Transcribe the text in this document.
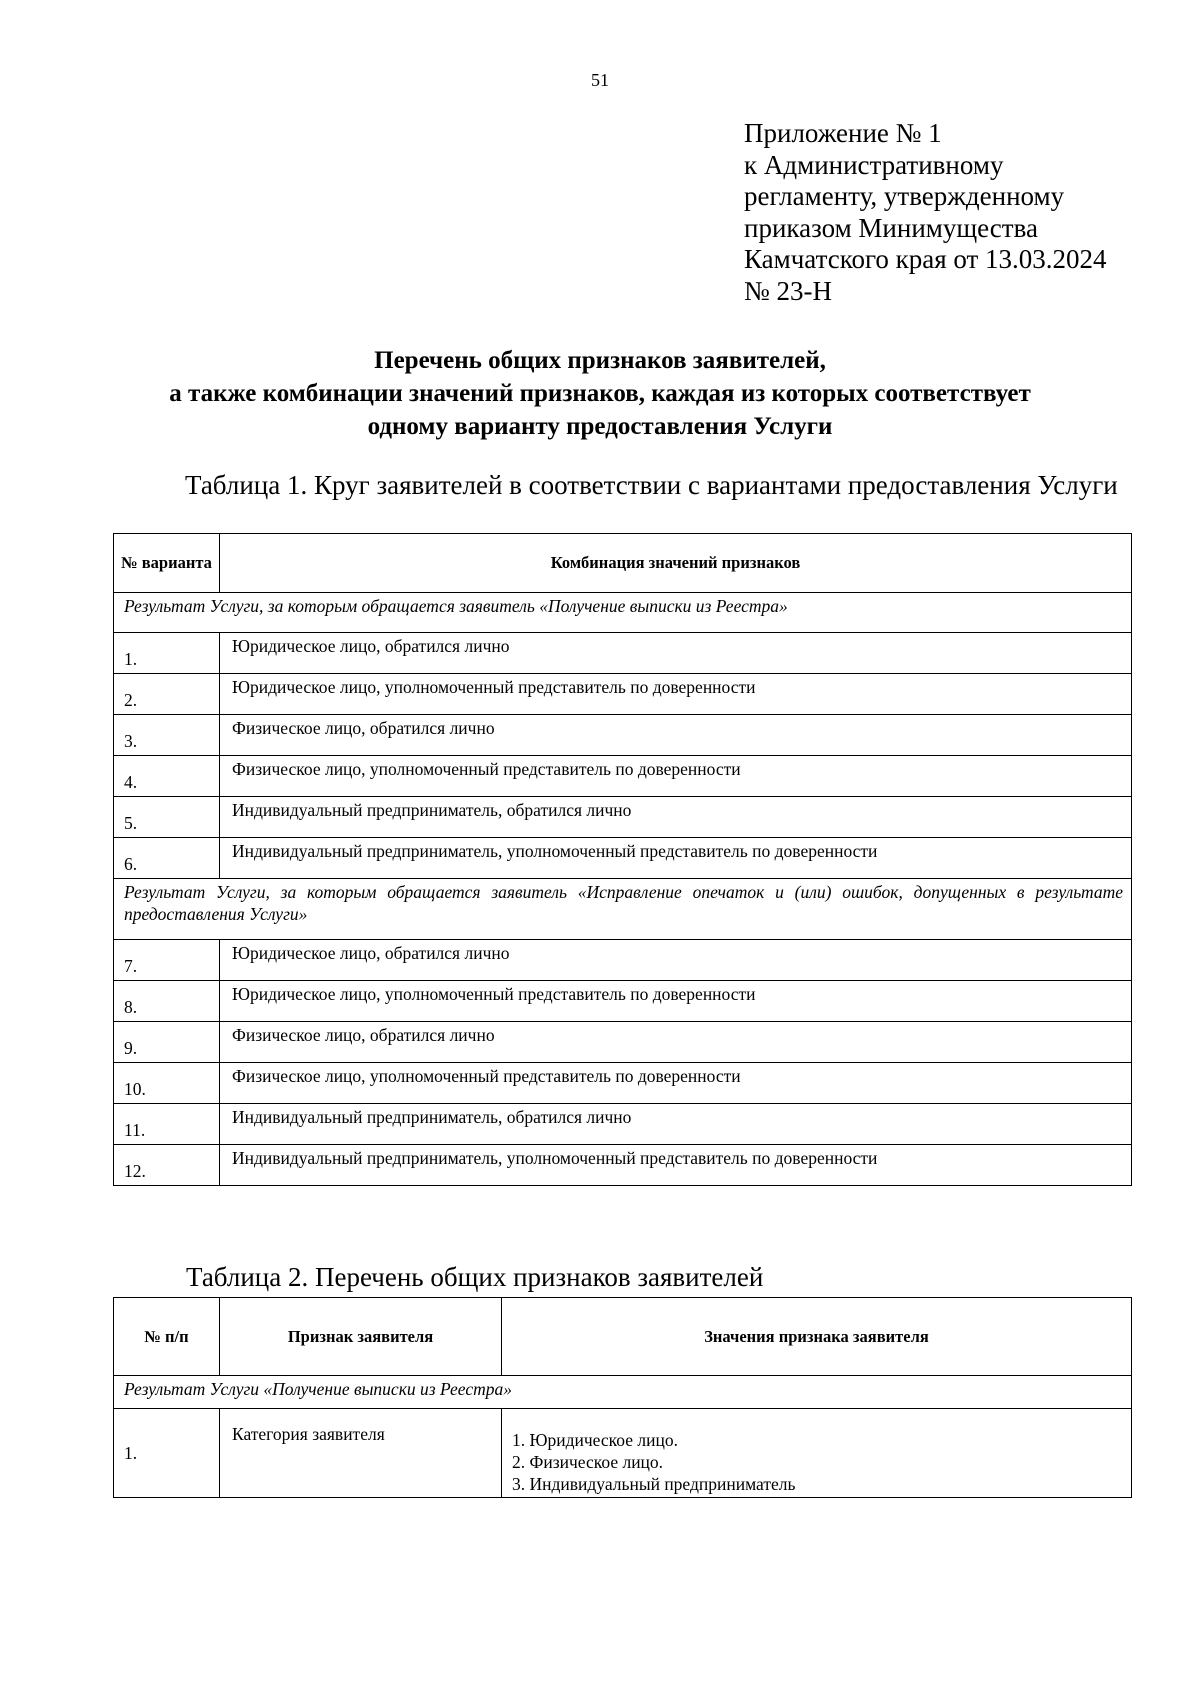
51
Приложение № 1
к Административному
регламенту, утвержденному
приказом Минимущества
Камчатского края от 13.03.2024
№ 23-Н
Перечень общих признаков заявителей,
а также комбинации значений признаков, каждая из которых соответствует
одному варианту предоставления Услуги
Таблица 1. Круг заявителей в соответствии с вариантами предоставления Услуги
№ варианта	Комбинация значений признаков
Результат Услуги, за которым обращается заявитель «Получение выписки из Реестра»	
1.	Юридическое лицо, обратился лично
2.	Юридическое лицо, уполномоченный представитель по доверенности
3.	Физическое лицо, обратился лично
4.	Физическое лицо, уполномоченный представитель по доверенности
5.	Индивидуальный предприниматель, обратился лично
6.	Индивидуальный предприниматель, уполномоченный представитель по доверенности
Результат Услуги, за которым обращается заявитель «Исправление опечаток и (или) ошибок, допущенных в результате предоставления Услуги»	
7.	Юридическое лицо, обратился лично
8.	Юридическое лицо, уполномоченный представитель по доверенности
9.	Физическое лицо, обратился лично
10.	Физическое лицо, уполномоченный представитель по доверенности
11.	Индивидуальный предприниматель, обратился лично
12.	Индивидуальный предприниматель, уполномоченный представитель по доверенности
Таблица 2. Перечень общих признаков заявителей
№ п/п	Признак заявителя	Значения признака заявителя
Результат Услуги «Получение выписки из Реестра»		
1.	Категория заявителя	1. Юридическое лицо.
2. Физическое лицо.
3. Индивидуальный предприниматель
